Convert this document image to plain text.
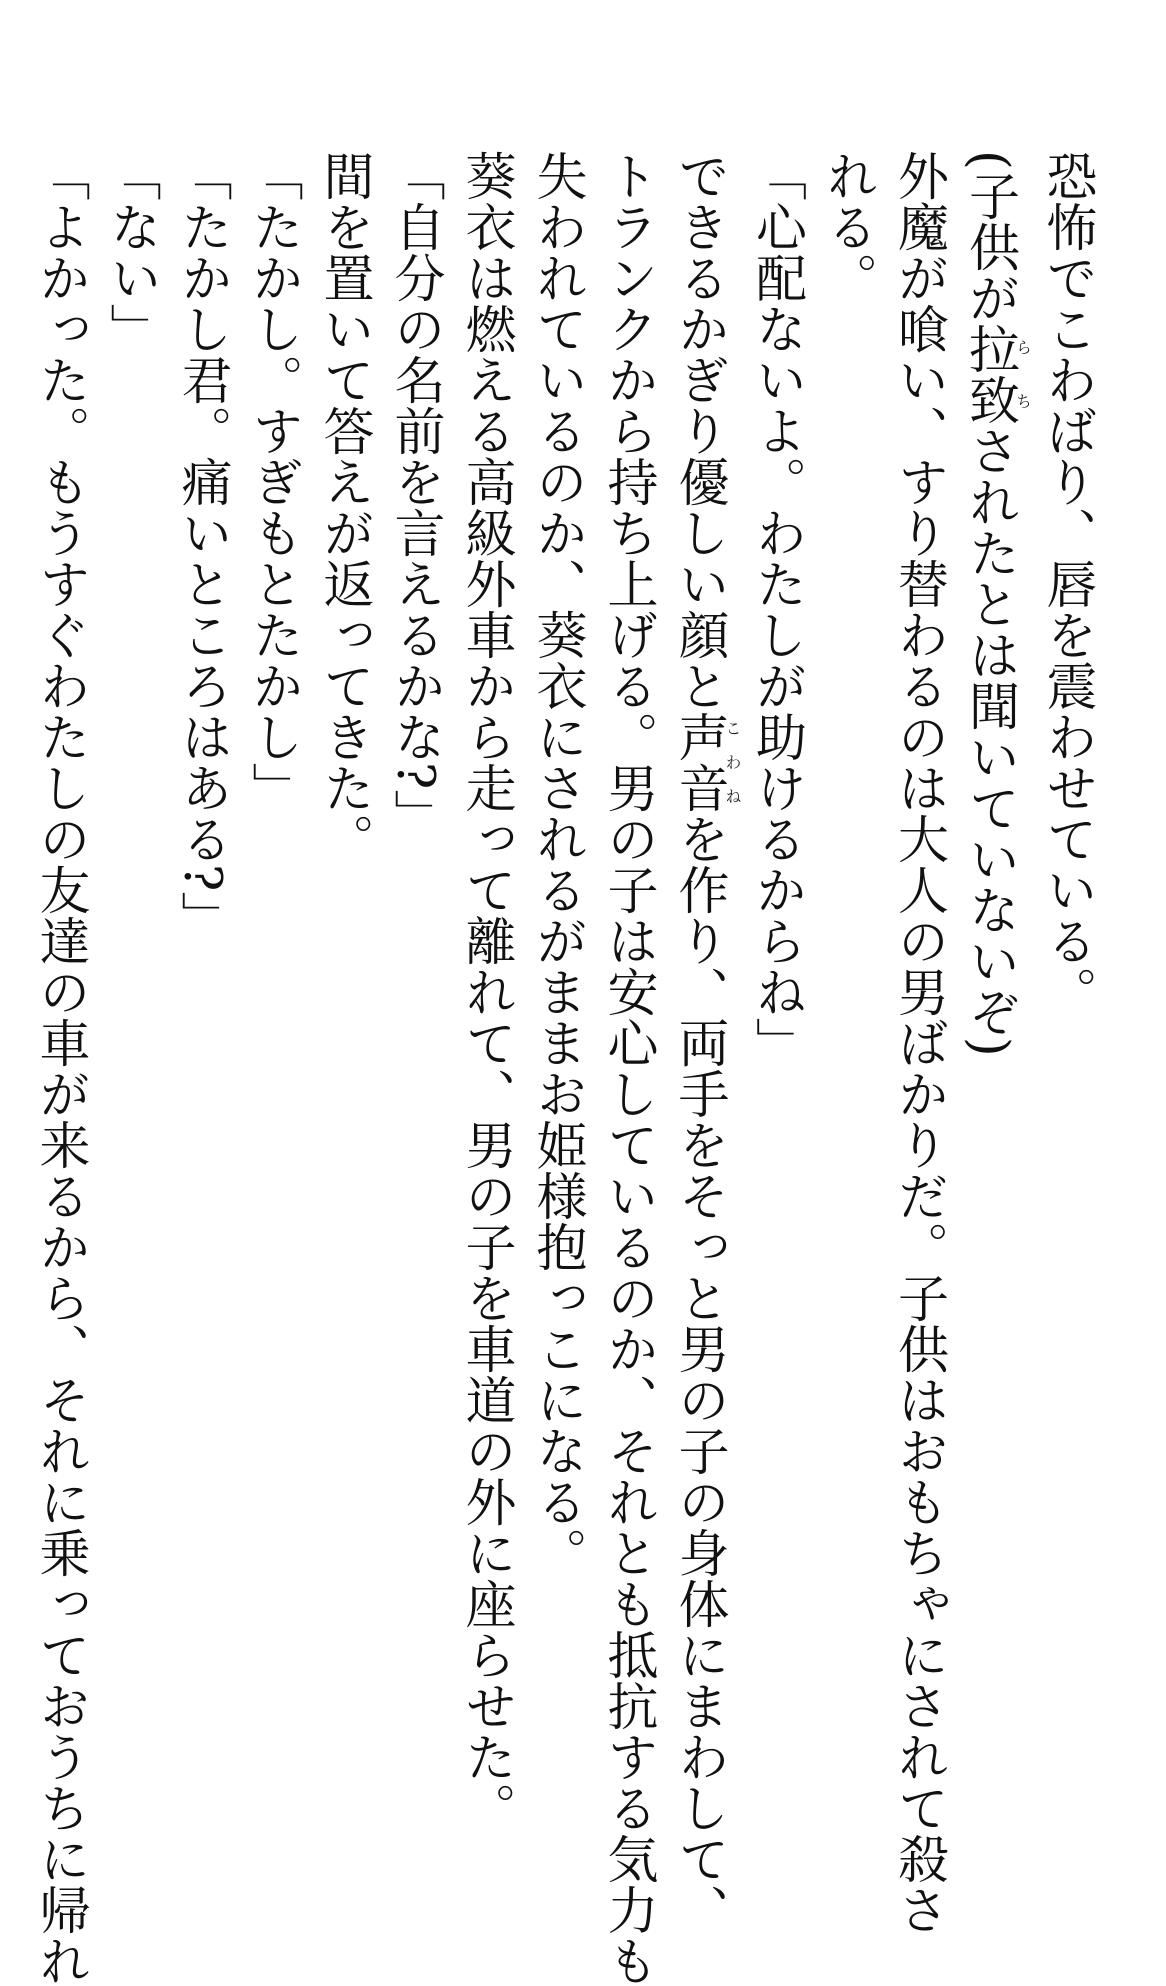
恐怖でこわばり、唇を震わせている。
(子供が拉致らちされたとは聞いていないぞ)
外魔が喰い、すり替わるのは大人の男ばかりだ。子供はおもちゃにされて殺さ
れる。
「心配ないよ。わたしが助けるからね」
できるかぎり優しい顔と声音こわねを作り、両手をそっと男の子の身体にまわして、
トランクから持ち上げる。男の子は安心しているのか、それとも抵抗する気力も
失われているのか、葵衣にされるがままお姫様抱っこになる。
葵衣は燃える高級外車から走って離れて、男の子を車道の外に座らせた。
「自分の名前を言えるかな?」
間を置いて答えが返ってきた。
「たかし。すぎもとたかし」
「たかし君。痛いところはある?」
「ない」
「よかった。もうすぐわたしの友達の車が来るから、それに乗っておうちに帰れ
